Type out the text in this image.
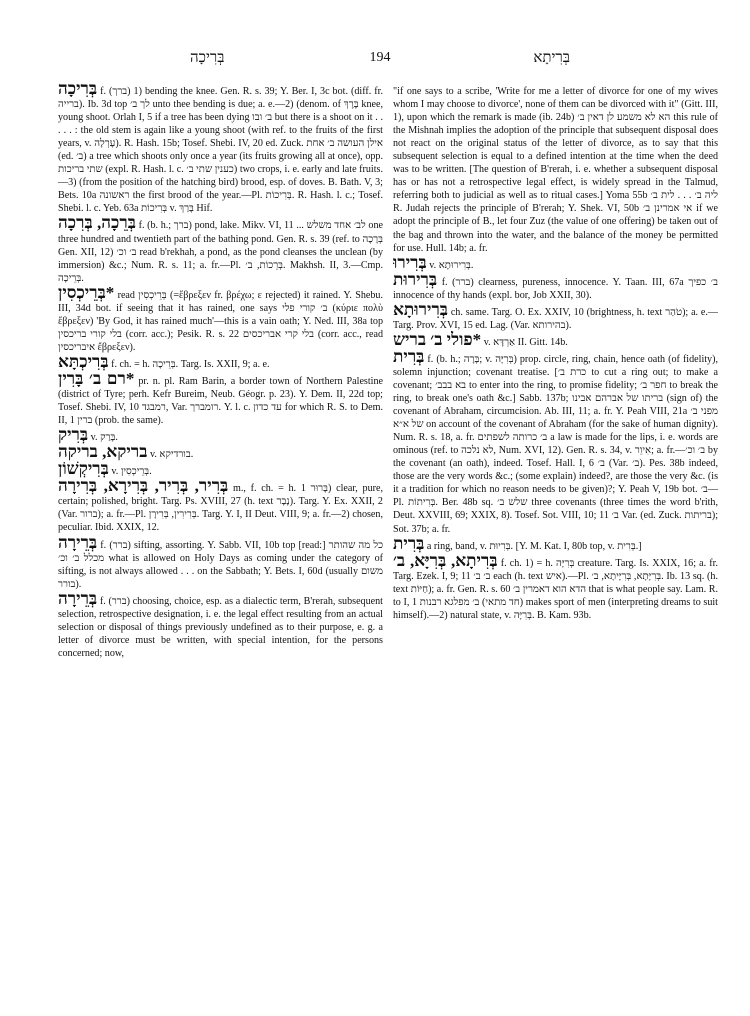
בְּרִיתָא
194
בְּרִיכָה

בְּרִיכָה f. (ברך) 1) bending the knee. Gen. R. s. 39; Y. Ber. I, 3c bot. (diff. fr. ברייה). Ib. 3d top לך ב׳ unto thee bending is due; a. e.—2) (denom. of בֶּרֶךְ knee, young shoot. Orlah I, 5 if a tree has been dying ב׳ ובו but there is a shoot on it . . . . . : the old stem is again like a young shoot (with ref. to the fruits of the first years, v. עָרְלָה). R. Hash. 15b; Tosef. Shebi. IV, 20 ed. Zuck. אילן העושה ב׳ אחת (ed. ב׳) a tree which shoots only once a year (its fruits growing all at once), opp. שתי בריכות (expl. R. Hash. l. c. כענין שתי ב׳) two crops, i. e. early and late fruits.—3) (from the position of the hatching bird) brood, esp. of doves. B. Bath. V, 3; Bets. 10a ראשונה the first brood of the year.—Pl. בְּרִיכוֹת. R. Hash. l. c.; Tosef. Shebi. l. c. Yeb. 63a בְּרִיכוֹת v. בָּרַךְ Hif.

בְּרֵכָה, בְּרִכָה f. (b. h.; ברך) pond, lake. Mikv. VI, 11 ... לב׳ אחד משלש one three hundred and twentieth part of the bathing pond. Gen. R. s. 39 (ref. to בְּרָכָה Gen. XII, 12) ב׳ וכ׳ read b'rekhah, a pond, as the pond cleanses the unclean (by immersion) &c.; Num. R. s. 11; a. fr.—Pl. בְּרֵכוֹת, ב׳. Makhsh. II, 3.—Cmp. בְּרֵיכָה.

*בְּרֵיכְסִין read בְּרֵיכְסִין (=ἔβρεξεν fr. βρέχω; ε rejected) it rained. Y. Shebu. III, 34d bot. if seeing that it has rained, one says ב׳ קורי פלי (κύριε πολὺ ἔβρεξεν) 'By God, it has rained much'—this is a vain oath; Y. Ned. III, 38a top בלי קורי בריכסין (corr. acc.); Pesik. R. s. 22 בלי קרי אבריכסים (corr. acc., read איבריכסין ἔβρεξεν).

בְּרִיכְתָּא f. ch. = h. בְּרֵיכָה. Targ. Is. XXII, 9; a. e.

*רם ב׳ בָּרִין pr. n. pl. Ram Barin, a border town of Northern Palestine (district of Tyre; perh. Kefr Bureim, Neub. Géogr. p. 23). Y. Dem. II, 22d top; Tosef. Shebi. IV, 10 רמבגד, Var. רומברך. Y. l. c. עד כדון for which R. S. to Dem. II, 1 ברין (prob. the same).

בְּרִיק v. בָּרַק.

בריקא, בריקה v. בורדיקא.

בְּרִיקְשׁוֹן v. בְּרֵיכְסִין.

בְּרִיר, בְּרִיר, בְּרִירָא, בְּרִירָה m., f. ch. = h. בָּרוּר 1) clear, pure, certain; polished, bright. Targ. Ps. XVIII, 27 (h. text נָבָר). Targ. Y. Ex. XXII, 2 (Var. ברור); a. fr.—Pl. בְּרִירִין, בְּרִירָן. Targ. Y. I, II Deut. VIII, 9; a. fr.—2) chosen, peculiar. Ibid. XXIX, 12.

בְּרֵירָה f. (ברר) sifting, assorting. Y. Sabb. VII, 10b top [read:] כל מה שהותר מכלל ב׳ וכ׳ what is allowed on Holy Days as coming under the category of sifting, is not always allowed . . . on the Sabbath; Y. Bets. I, 60d (usually משום בורר).

בְּרֵירָה f. (ברר) choosing, choice, esp. as a dialectic term, B'rerah, subsequent selection, retrospective designation, i. e. the legal effect resulting from an actual selection or disposal of things previously undefined as to their purpose, e. g. a letter of divorce must be written, with special intention, for the persons concerned; now,

"if one says to a scribe, 'Write for me a letter of divorce for one of my wives whom I may choose to divorce', none of them can be divorced with it" (Gitt. III, 1), upon which the remark is made (ib. 24b) הא לא משמע לן דאין ב׳ this rule of the Mishnah implies the adoption of the principle that subsequent disposal does not react on the original status of the letter of divorce, as to say that this subsequent selection is equal to a defined intention at the time when the deed was to be written. [The question of B'rerah, i. e. whether a subsequent disposal has or has not a retrospective legal effect, is widely spread in the Talmud, referring both to judicial as well as to ritual cases.] Yoma 55b ליה ב׳ . . . לית ב׳ R. Judah rejects the principle of B'rerah; Y. Shek. VI, 50b אי אמרינן ב׳ if we adopt the principle of B., let four Zuz (the value of one offering) be taken out of the bag and thrown into the water, and the balance of the money be permitted for use. Hull. 14b; a. fr.

בְּרִירוּ v. בְּרִירוּתָא.

בְּרִירוּת f. (ברר) clearness, pureness, innocence. Y. Taan. III, 67a ב׳ כפיך innocence of thy hands (expl. bor, Job XXII, 30).

בְּרִירוּתָא ch. same. Targ. O. Ex. XXIV, 10 (brightness, h. text טֹהַר); a. e.—Targ. Prov. XVI, 15 ed. Lag. (Var. בהירותא).

*פולי ב׳ בריש v. אַרְדָּא II. Gitt. 14b.

בְּרִית f. (b. h.; בָּרָה; v. בְּרִיָּה) prop. circle, ring, chain, hence oath (of fidelity), solemn injunction; covenant treatise. [כרת ב׳ to cut a ring out; to make a covenant; בא בבב׳ to enter into the ring, to promise fidelity; חפר ב׳ to break the ring, to break one's oath &c.] Sabb. 137b; בריתו של אברהם אבינו (sign of) the covenant of Abraham, circumcision. Ab. III, 11; a. fr. Y. Peah VIII, 21a מפני ב׳ של א״א on account of the covenant of Abraham (for the sake of human dignity). Num. R. s. 18, a. fr. ב׳ כרותה לשפתים a law is made for the lips, i. e. words are ominous (ref. to לא נלכה, Num. XVI, 12). Gen. R. s. 34, v. אִיוֵר; a. fr.—ב׳ וכ׳ by the covenant (an oath), indeed. Tosef. Hall. I, 6 ב׳ (Var. ב׳). Pes. 38b indeed, those are the very words &c.; (some explain) indeed?, are those the very &c. (is it a tradition for which no reason needs to be given)?; Y. Peah V, 19b bot. ב׳—Pl. בְּרִיתוֹת. Ber. 48b sq. שלש ב׳ three covenants (three times the word b'rith, Deut. XXVIII, 69; XXIX, 8). Tosef. Sot. VIII, 10; 11 ב׳ Var. (ed. Zuck. בריתות); Sot. 37b; a. fr.

בְּרִית a ring, band, v. בְּרִיוּת. [Y. M. Kat. I, 80b top, v. בְּרִית.]

בְּרִיתָא, בְּרִיָּא, ב׳ f. ch. 1) = h. בְּרִיָּה creature. Targ. Is. XXIX, 16; a. fr. Targ. Ezek. I, 9; 11 ב׳ ב׳ each (h. text איש).—Pl. בְּרִיָּתָא, בְּרִיָּיתָא, ב׳. Ib. 13 sq. (h. text חַיּוֹת); a. fr. Gen. R. s. 60 הדא הוא דאמרין ב׳ that is what people say. Lam. R. to I, 1 חד מתאי) ב׳ מפלגא רבנות) makes sport of men (interpreting dreams to suit himself).—2) natural state, v. בְּרִיָּה. B. Kam. 93b.
